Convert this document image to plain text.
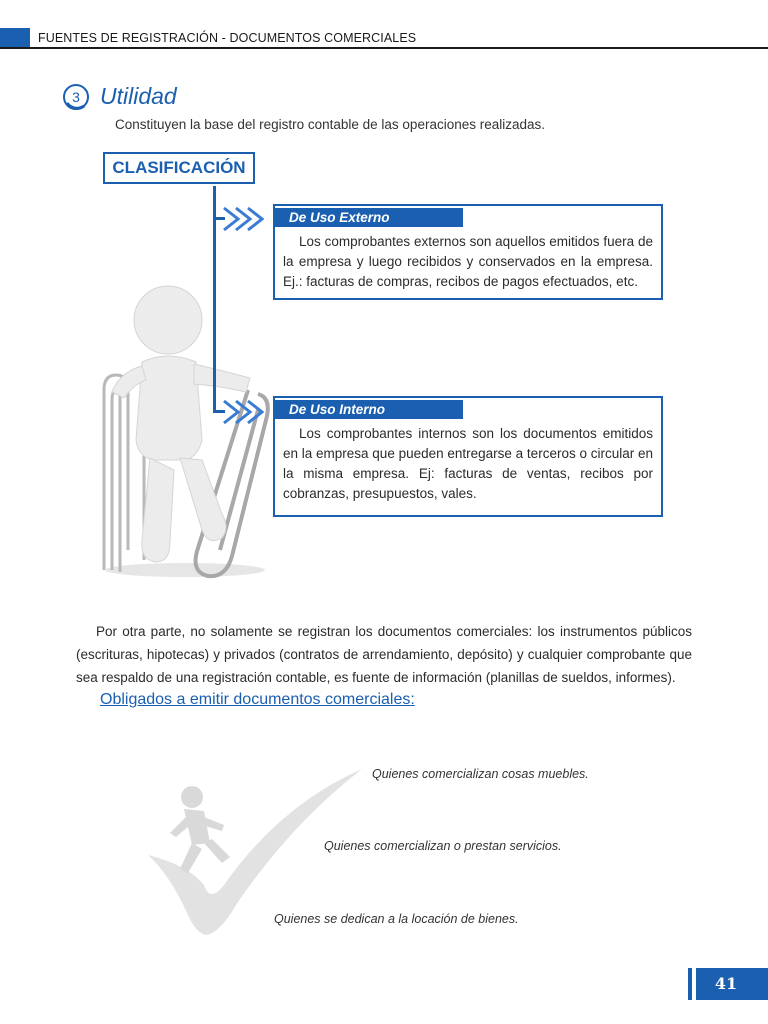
FUENTES DE REGISTRACIÓN - DOCUMENTOS COMERCIALES
3 Utilidad
Constituyen la base del registro contable de las operaciones realizadas.
CLASIFICACIÓN
De Uso Externo
Los comprobantes externos son aquellos emitidos fuera de la empresa y luego recibidos y conservados en la empresa. Ej.: facturas de compras, recibos de pagos efectuados, etc.
De Uso Interno
Los comprobantes internos son los documentos emitidos en la empresa que pueden entregarse a terceros o circular en la misma empresa. Ej: facturas de ventas, recibos por cobranzas, presupuestos, vales.
Por otra parte, no solamente se registran los documentos comerciales: los instrumentos públicos (escrituras, hipotecas) y privados (contratos de arrendamiento, depósito) y cualquier comprobante que sea respaldo de una registración contable, es fuente de información (planillas de sueldos, informes).
Obligados a emitir documentos comerciales:
Quienes comercializan cosas muebles.
Quienes comercializan o prestan servicios.
Quienes se dedican a la locación de bienes.
41
